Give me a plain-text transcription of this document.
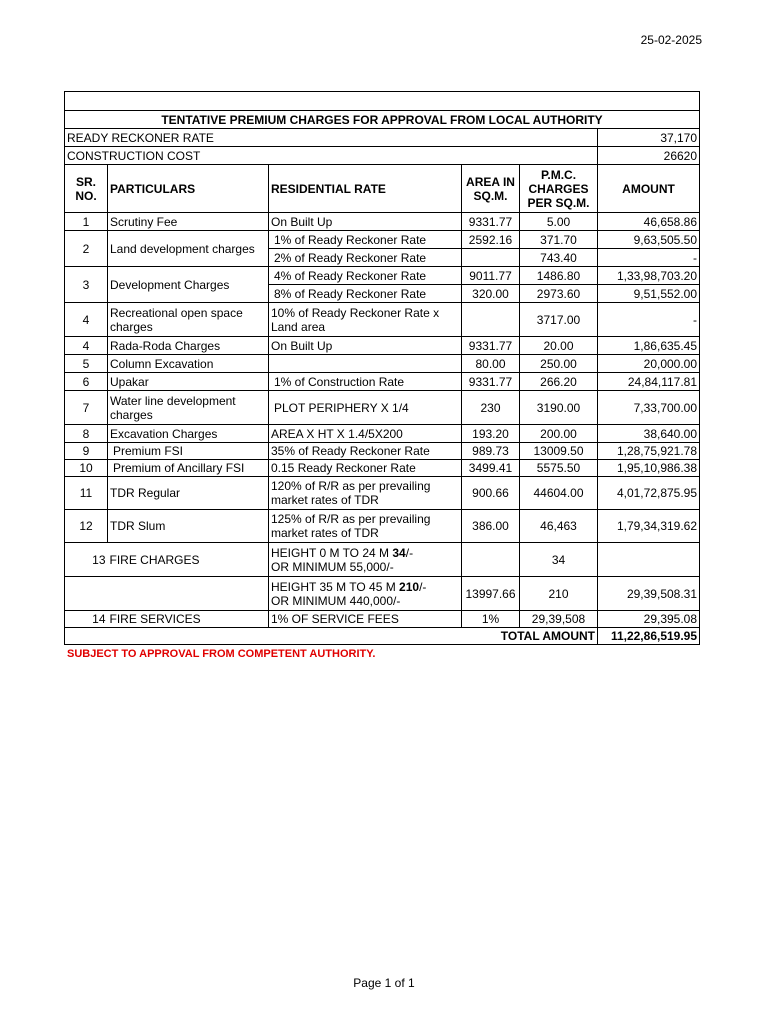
25-02-2025

TENTATIVE PREMIUM CHARGES FOR APPROVAL FROM LOCAL AUTHORITY					
READY RECKONER RATE					37,170
CONSTRUCTION COST					26620
SR. NO.	PARTICULARS	RESIDENTIAL RATE	AREA IN SQ.M.	P.M.C. CHARGES PER SQ.M.	AMOUNT
1	Scrutiny Fee	On Built Up	9331.77	5.00	46,658.86
2	Land development charges	1% of Ready Reckoner Rate	2592.16	371.70	9,63,505.50
		2% of Ready Reckoner Rate		743.40	-
3	Development Charges	4% of Ready Reckoner Rate	9011.77	1486.80	1,33,98,703.20
		8% of Ready Reckoner Rate	320.00	2973.60	9,51,552.00
4	Recreational open space charges	10% of Ready Reckoner Rate x Land area		3717.00	-
4	Rada-Roda Charges	On Built Up	9331.77	20.00	1,86,635.45
5	Column Excavation		80.00	250.00	20,000.00
6	Upakar	1% of Construction Rate	9331.77	266.20	24,84,117.81
7	Water line development charges	PLOT PERIPHERY X 1/4	230	3190.00	7,33,700.00
8	Excavation Charges	AREA X HT X 1.4/5X200	193.20	200.00	38,640.00
9	Premium FSI	35% of Ready Reckoner Rate	989.73	13009.50	1,28,75,921.78
10	Premium of Ancillary FSI	0.15 Ready Reckoner Rate	3499.41	5575.50	1,95,10,986.38
11	TDR Regular	120% of R/R as per prevailing market rates of TDR	900.66	44604.00	4,01,72,875.95
12	TDR Slum	125% of R/R as per prevailing market rates of TDR	386.00	46,463	1,79,34,319.62
13	FIRE CHARGES	HEIGHT 0 M TO 24 M 34/-
OR MINIMUM 55,000/-		34	
		HEIGHT 35 M TO 45 M 210/-
OR MINIMUM 440,000/-	13997.66	210	29,39,508.31
14	FIRE SERVICES	1% OF SERVICE FEES	1%	29,39,508	29,395.08
TOTAL AMOUNT					11,22,86,519.95
SUBJECT TO APPROVAL FROM COMPETENT AUTHORITY.
Page 1 of 1
